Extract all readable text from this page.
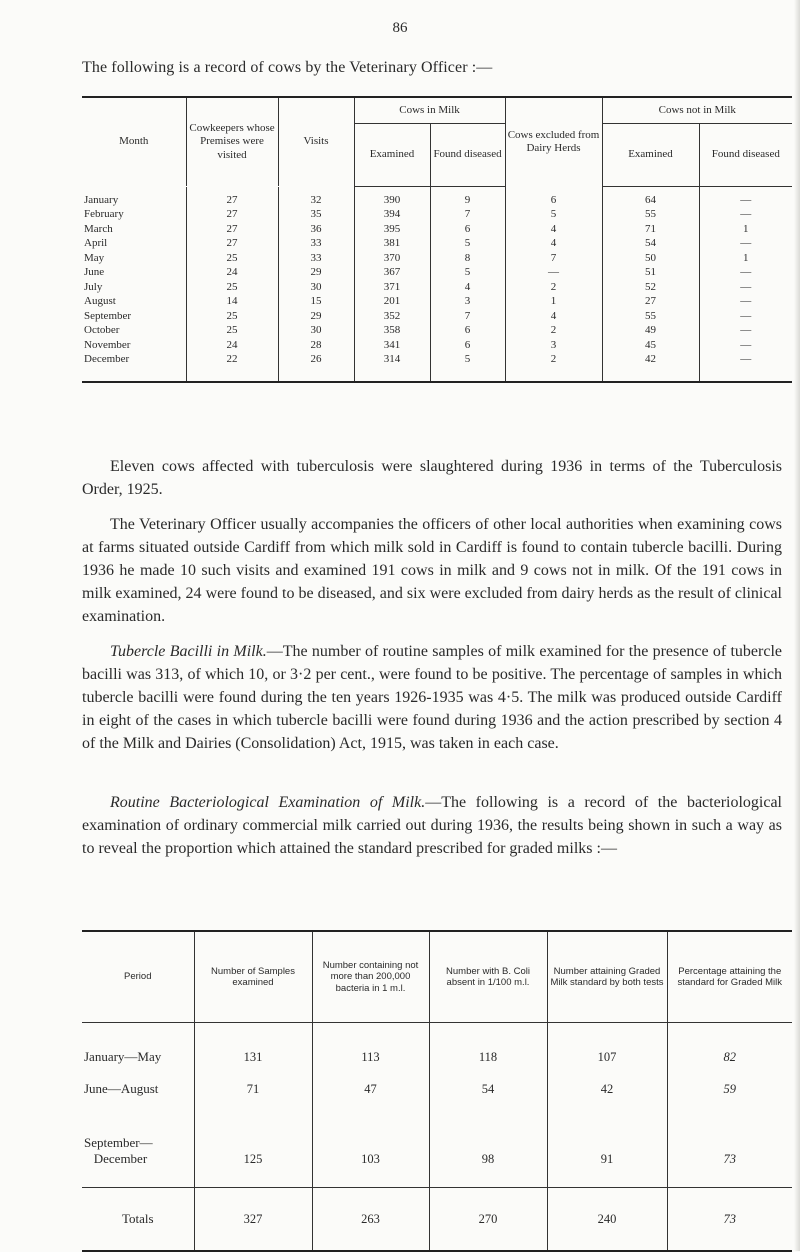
86
The following is a record of cows by the Veterinary Officer :—
Month	Cowkeepers whose Premises were visited	Visits	Cows in Milk		Cows excluded from Dairy Herds	Cows not in Milk	
			Examined	Found diseased		Examined	Found diseased

January	27	32	390	9	6	64	—
February	27	35	394	7	5	55	—
March	27	36	395	6	4	71	1
April	27	33	381	5	4	54	—
May	25	33	370	8	7	50	1
June	24	29	367	5	—	51	—
July	25	30	371	4	2	52	—
August	14	15	201	3	1	27	—
September	25	29	352	7	4	55	—
October	25	30	358	6	2	49	—
November	24	28	341	6	3	45	—
December	22	26	314	5	2	42	—

Eleven cows affected with tuberculosis were slaughtered during 1936 in terms of the Tuberculosis Order, 1925.

The Veterinary Officer usually accompanies the officers of other local authorities when examining cows at farms situated outside Cardiff from which milk sold in Cardiff is found to contain tubercle bacilli. During 1936 he made 10 such visits and examined 191 cows in milk and 9 cows not in milk. Of the 191 cows in milk examined, 24 were found to be diseased, and six were excluded from dairy herds as the result of clinical examination.

Tubercle Bacilli in Milk.—The number of routine samples of milk examined for the presence of tubercle bacilli was 313, of which 10, or 3·2 per cent., were found to be positive. The percentage of samples in which tubercle bacilli were found during the ten years 1926-1935 was 4·5. The milk was produced outside Cardiff in eight of the cases in which tubercle bacilli were found during 1936 and the action prescribed by section 4 of the Milk and Dairies (Consolidation) Act, 1915, was taken in each case.

Routine Bacteriological Examination of Milk.—The following is a record of the bacteriological examination of ordinary commercial milk carried out during 1936, the results being shown in such a way as to reveal the proportion which attained the standard prescribed for graded milks :—

Period	Number of Samples examined	Number containing not more than 200,000 bacteria in 1 m.l.	Number with B. Coli absent in 1/100 m.l.	Number attaining Graded Milk standard by both tests	Percentage attaining the standard for Graded Milk
January—May	131	113	118	107	82
June—August	71	47	54	42	59
September—
December	125	103	98	91	73
Totals	327	263	270	240	73
